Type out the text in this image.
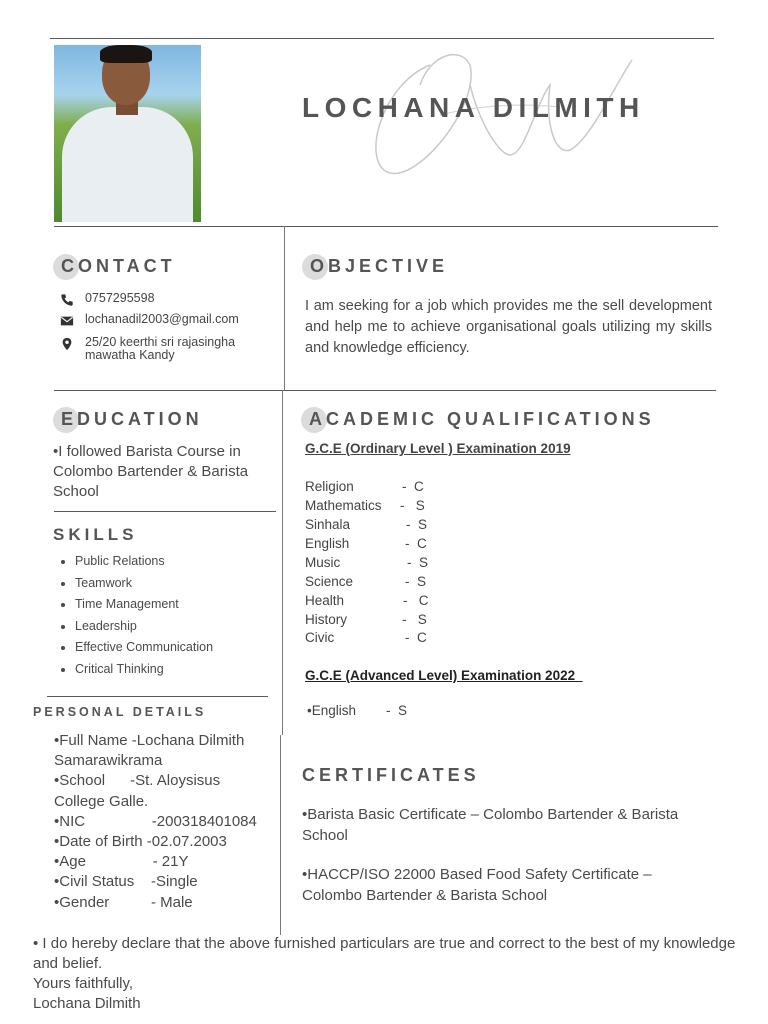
LOCHANA DILMITH
CONTACT
0757295598
lochanadil2003@gmail.com
25/20 keerthi sri rajasingha
mawatha Kandy
OBJECTIVE
I am seeking for a job which provides me the sell development and help me to achieve organisational goals utilizing my skills and knowledge efficiency.
EDUCATION
•I followed Barista Course in Colombo Bartender & Barista School
SKILLS
• Public Relations
• Teamwork
• Time Management
• Leadership
• Effective Communication
• Critical Thinking
PERSONAL DETAILS
•Full Name -Lochana Dilmith
Samarawikrama
•School      -St. Aloysisus
College Galle.
•NIC                -200318401084
•Date of Birth -02.07.2003
•Age                - 21Y
•Civil Status    -Single
•Gender          - Male
ACADEMIC QUALIFICATIONS
G.C.E (Ordinary Level ) Examination 2019
Religion	-  C
Mathematics -   S
Sinhala	-  S
English	-  C
Music	-  S
Science	-  S
Health	-   C
History	-   S
Civic	-  C
G.C.E (Advanced Level) Examination 2022
•English        -  S
CERTIFICATES
•Barista Basic Certificate – Colombo Bartender & Barista School
•HACCP/ISO 22000 Based Food Safety Certificate – Colombo Bartender & Barista School
• I do hereby declare that the above furnished particulars are true and correct to the best of my knowledge and belief.
Yours faithfully,
Lochana Dilmith
